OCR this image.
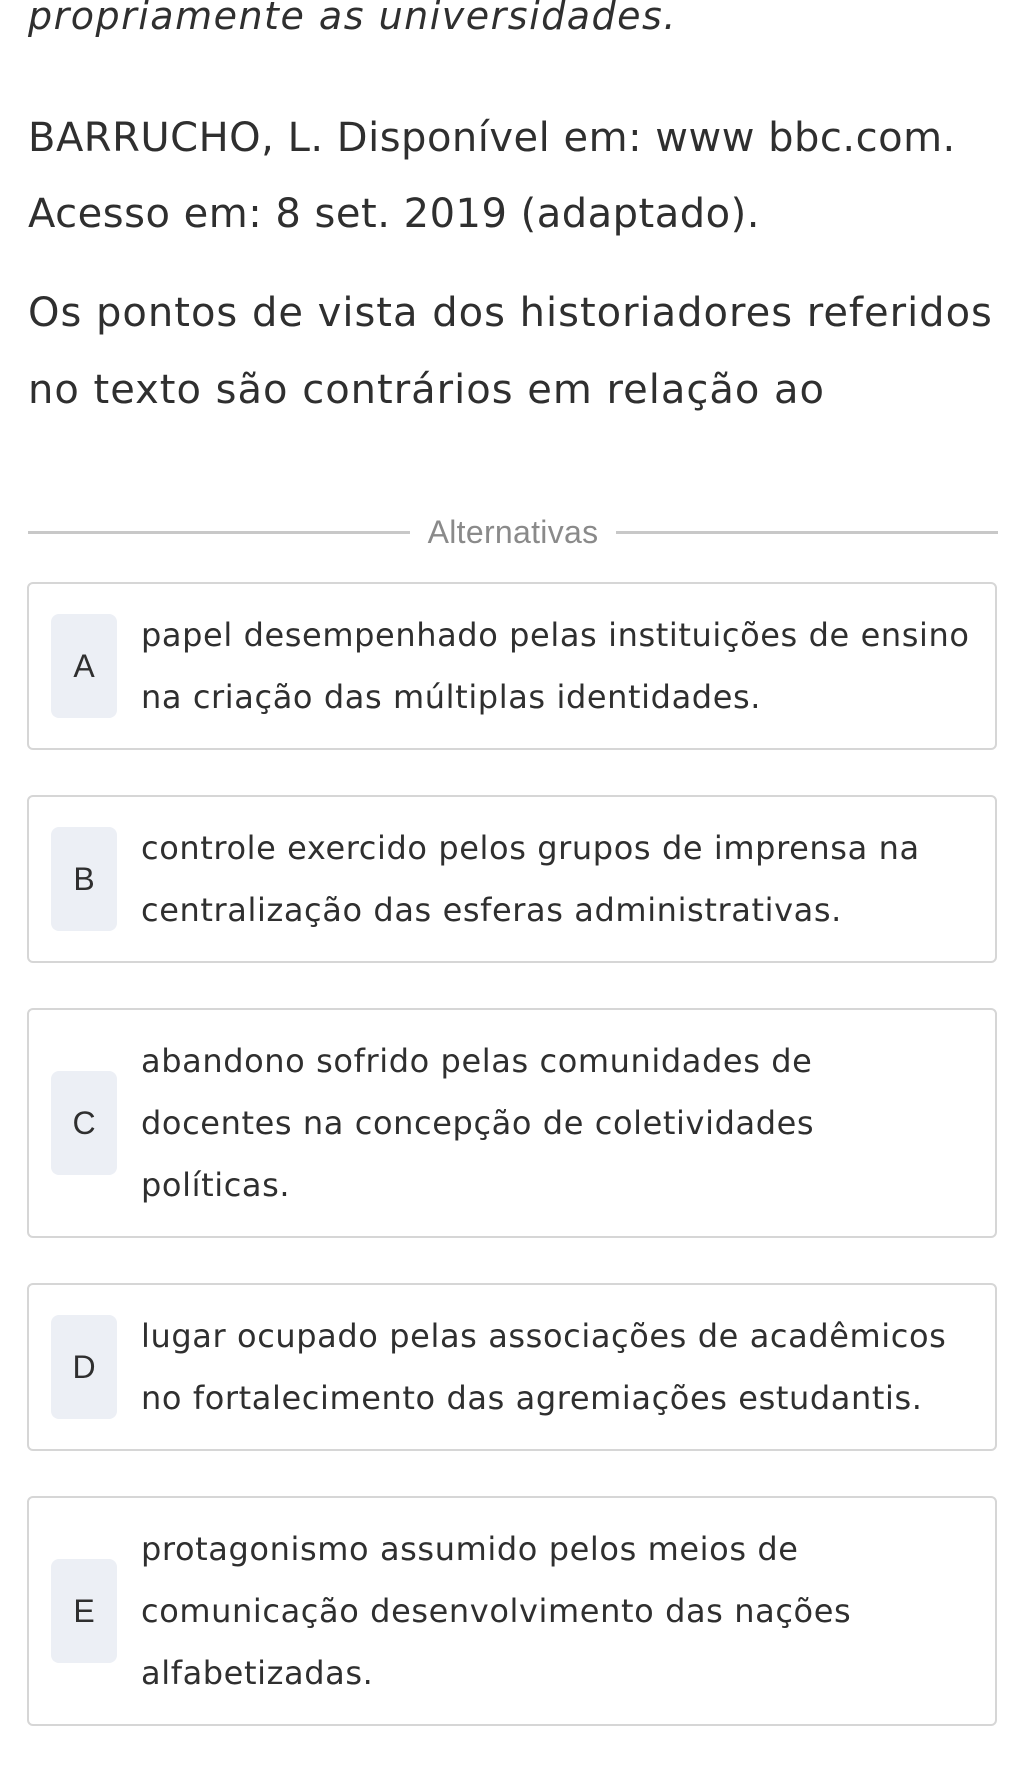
propriamente as universidades.

BARRUCHO, L. Disponível em: www bbc.com. Acesso em: 8 set. 2019 (adaptado).

Os pontos de vista dos historiadores referidos no texto são contrários em relação ao

Alternativas
A
papel desempenhado pelas instituições de ensino na criação das múltiplas identidades.
B
controle exercido pelos grupos de imprensa na centralização das esferas administrativas.
C
abandono sofrido pelas comunidades de docentes na concepção de coletividades políticas.
D
lugar ocupado pelas associações de acadêmicos no fortalecimento das agremiações estudantis.
E
protagonismo assumido pelos meios de comunicação desenvolvimento das nações alfabetizadas.
